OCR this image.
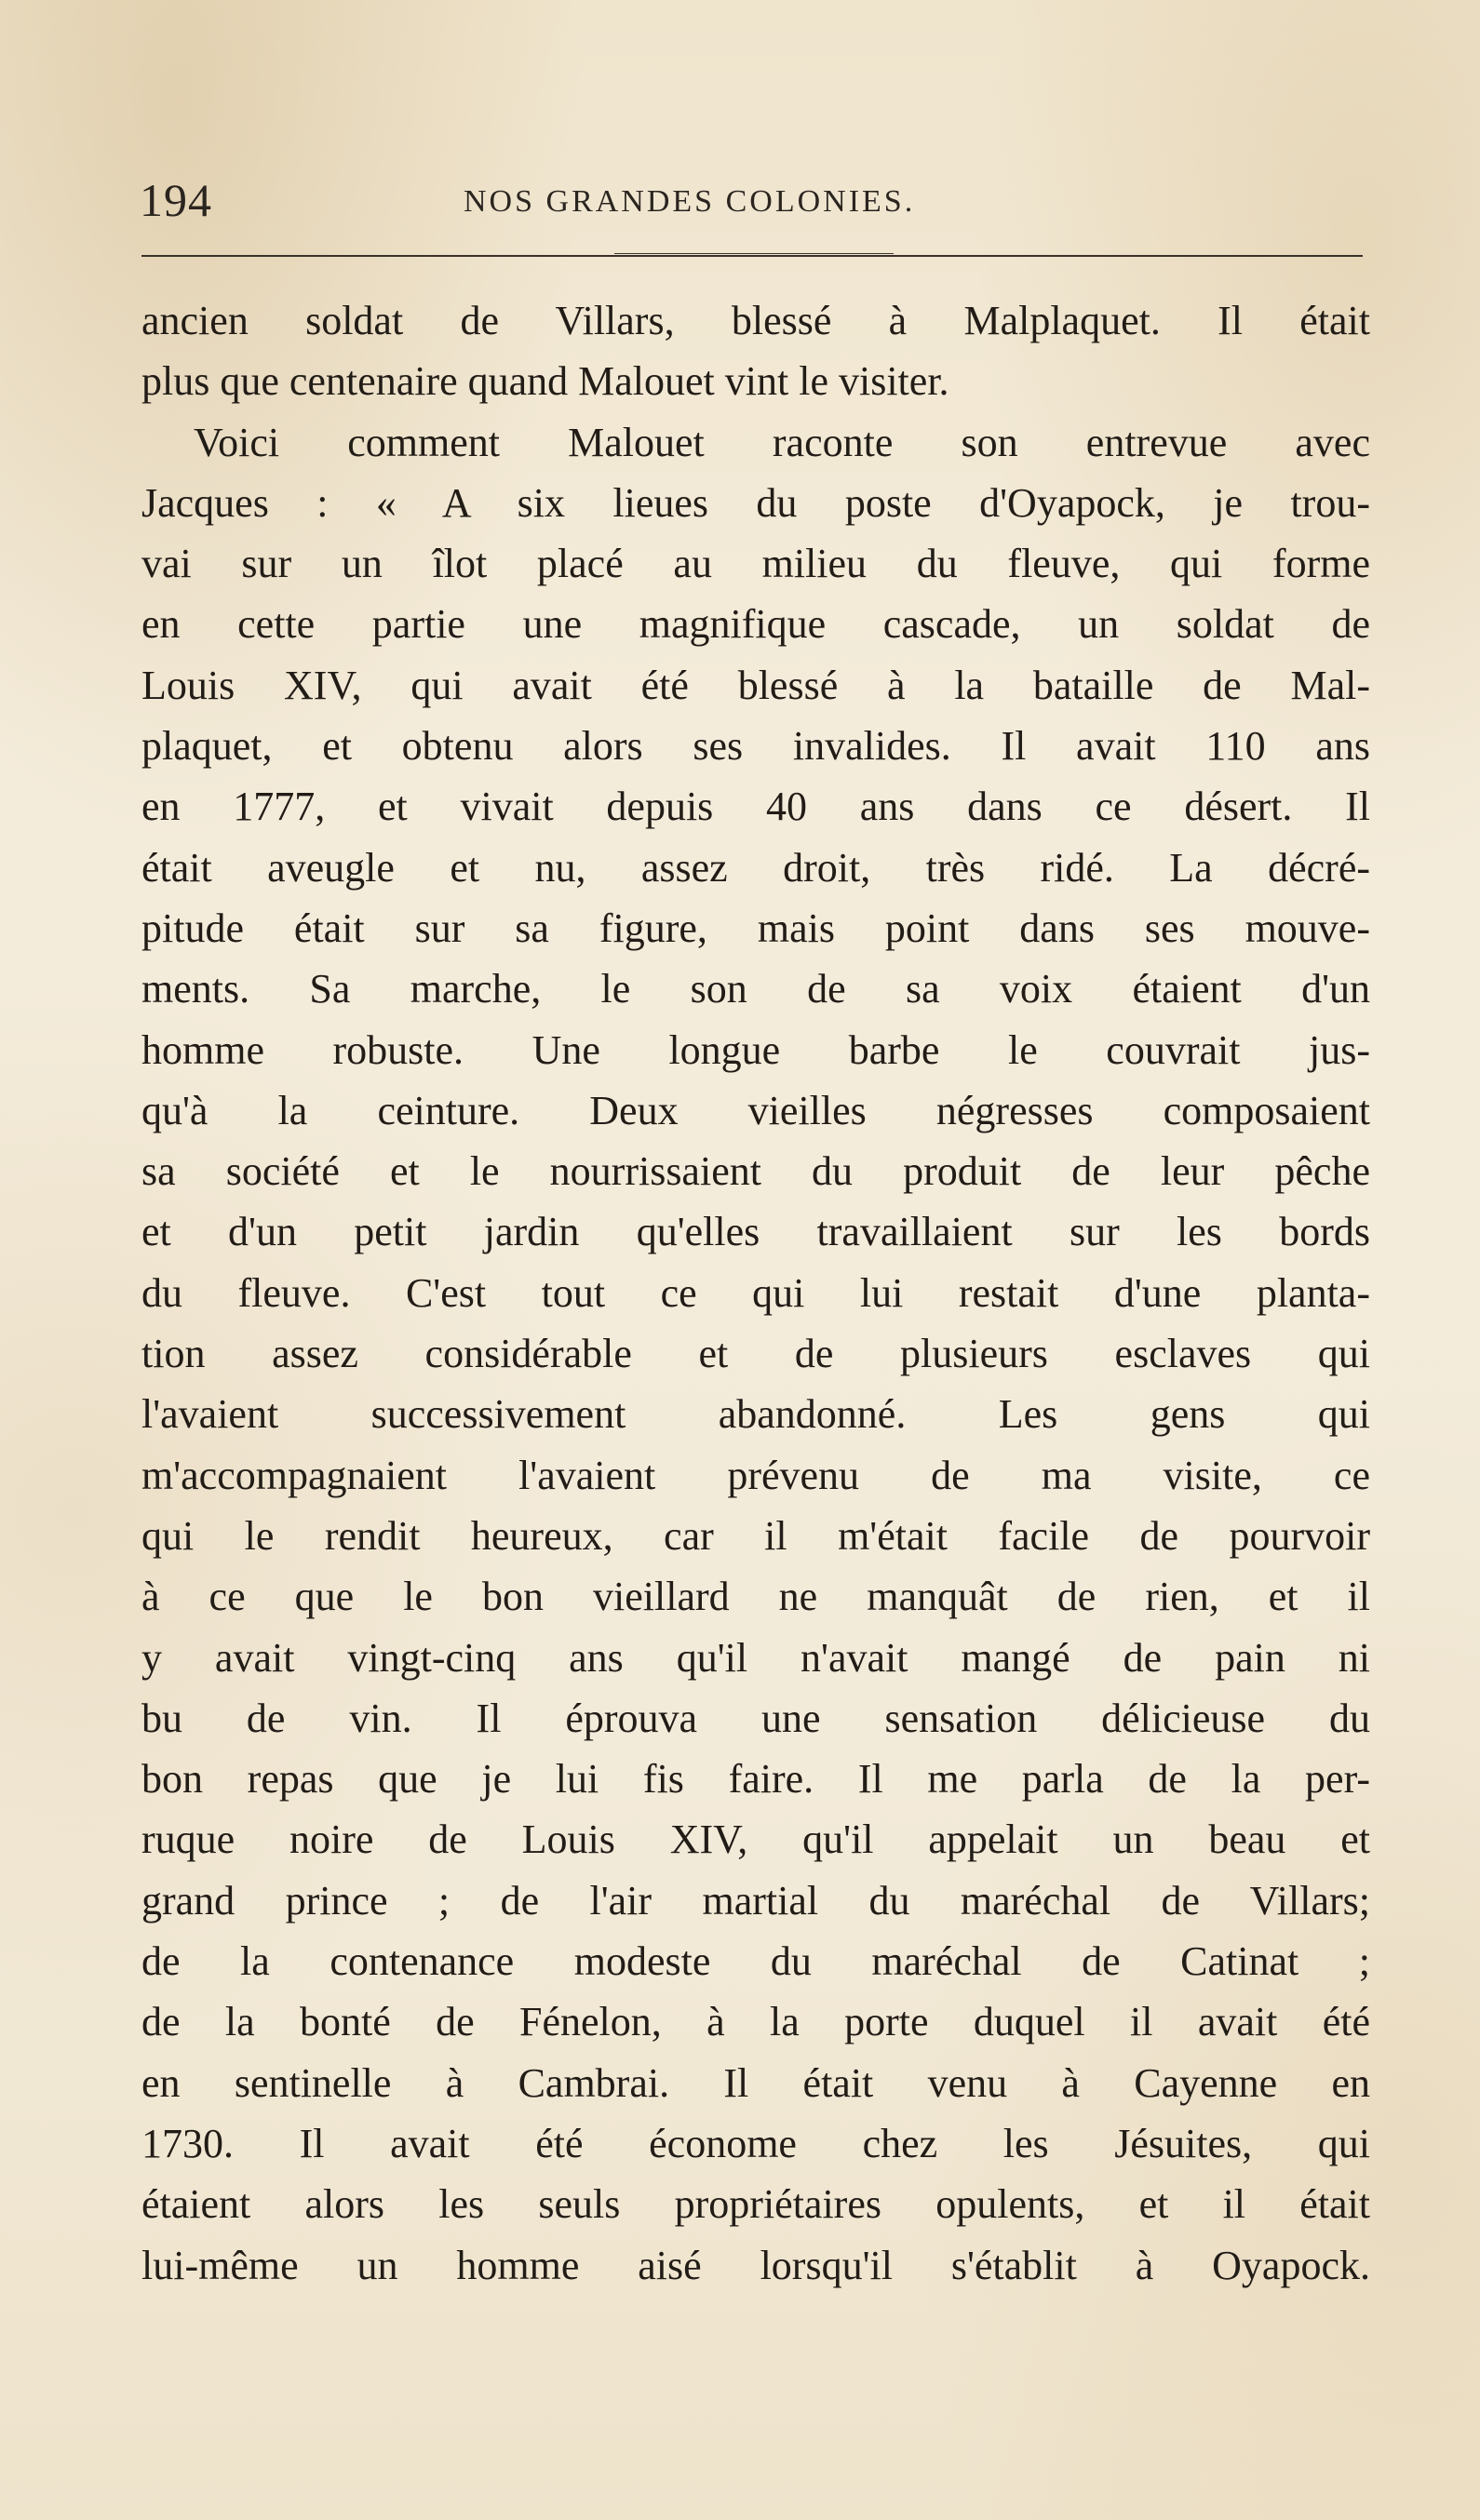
194	NOS GRANDES COLONIES.
ancien soldat de Villars, blessé à Malplaquet. Il était
plus que centenaire quand Malouet vint le visiter.
Voici comment Malouet raconte son entrevue avec
Jacques : « A six lieues du poste d'Oyapock, je trou-
vai sur un îlot placé au milieu du fleuve, qui forme
en cette partie une magnifique cascade, un soldat de
Louis XIV, qui avait été blessé à la bataille de Mal-
plaquet, et obtenu alors ses invalides. Il avait 110 ans
en 1777, et vivait depuis 40 ans dans ce désert. Il
était aveugle et nu, assez droit, très ridé. La décré-
pitude était sur sa figure, mais point dans ses mouve-
ments. Sa marche, le son de sa voix étaient d'un
homme robuste. Une longue barbe le couvrait jus-
qu'à la ceinture. Deux vieilles négresses composaient
sa société et le nourrissaient du produit de leur pêche
et d'un petit jardin qu'elles travaillaient sur les bords
du fleuve. C'est tout ce qui lui restait d'une planta-
tion assez considérable et de plusieurs esclaves qui
l'avaient successivement abandonné. Les gens qui
m'accompagnaient l'avaient prévenu de ma visite, ce
qui le rendit heureux, car il m'était facile de pourvoir
à ce que le bon vieillard ne manquât de rien, et il
y avait vingt-cinq ans qu'il n'avait mangé de pain ni
bu de vin. Il éprouva une sensation délicieuse du
bon repas que je lui fis faire. Il me parla de la per-
ruque noire de Louis XIV, qu'il appelait un beau et
grand prince ; de l'air martial du maréchal de Villars;
de la contenance modeste du maréchal de Catinat ;
de la bonté de Fénelon, à la porte duquel il avait été
en sentinelle à Cambrai. Il était venu à Cayenne en
1730. Il avait été économe chez les Jésuites, qui
étaient alors les seuls propriétaires opulents, et il était
lui-même un homme aisé lorsqu'il s'établit à Oyapock.
